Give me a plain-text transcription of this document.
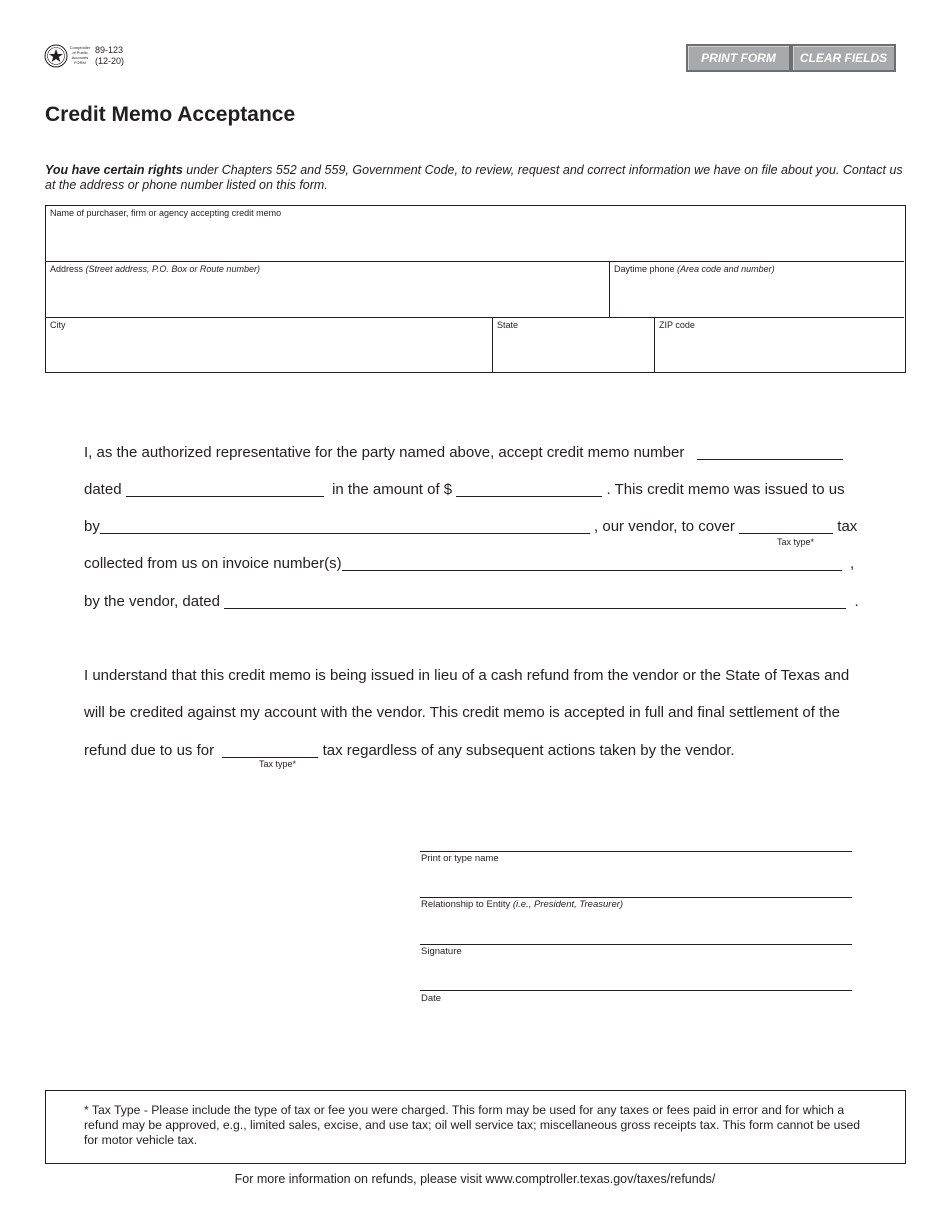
Comptroller
of Public
Accounts
FORM
89-123
(12-20)	PRINT FORM	CLEAR FIELDS
Credit Memo Acceptance
You have certain rights under Chapters 552 and 559, Government Code, to review, request and correct information we have on file about you. Contact us at the address or phone number listed on this form.
Name of purchaser, firm or agency accepting credit memo
Address (Street address, P.O. Box or Route number)	Daytime phone (Area code and number)
City	State	ZIP code
I, as the authorized representative for the party named above, accept credit memo number
dated	in the amount of $	. This credit memo was issued to us
by	, our vendor, to cover	tax
Tax type*
collected from us on invoice number(s)	,
by the vendor, dated	.
I understand that this credit memo is being issued in lieu of a cash refund from the vendor or the State of Texas and
will be credited against my account with the vendor. This credit memo is accepted in full and final settlement of the
refund due to us for	tax regardless of any subsequent actions taken by the vendor.
Tax type*
Print or type name
Relationship to Entity (i.e., President, Treasurer)
Signature
Date
* Tax Type - Please include the type of tax or fee you were charged. This form may be used for any taxes or fees paid in error and for which a refund may be approved, e.g., limited sales, excise, and use tax; oil well service tax; miscellaneous gross receipts tax. This form cannot be used for motor vehicle tax.
For more information on refunds, please visit www.comptroller.texas.gov/taxes/refunds/
